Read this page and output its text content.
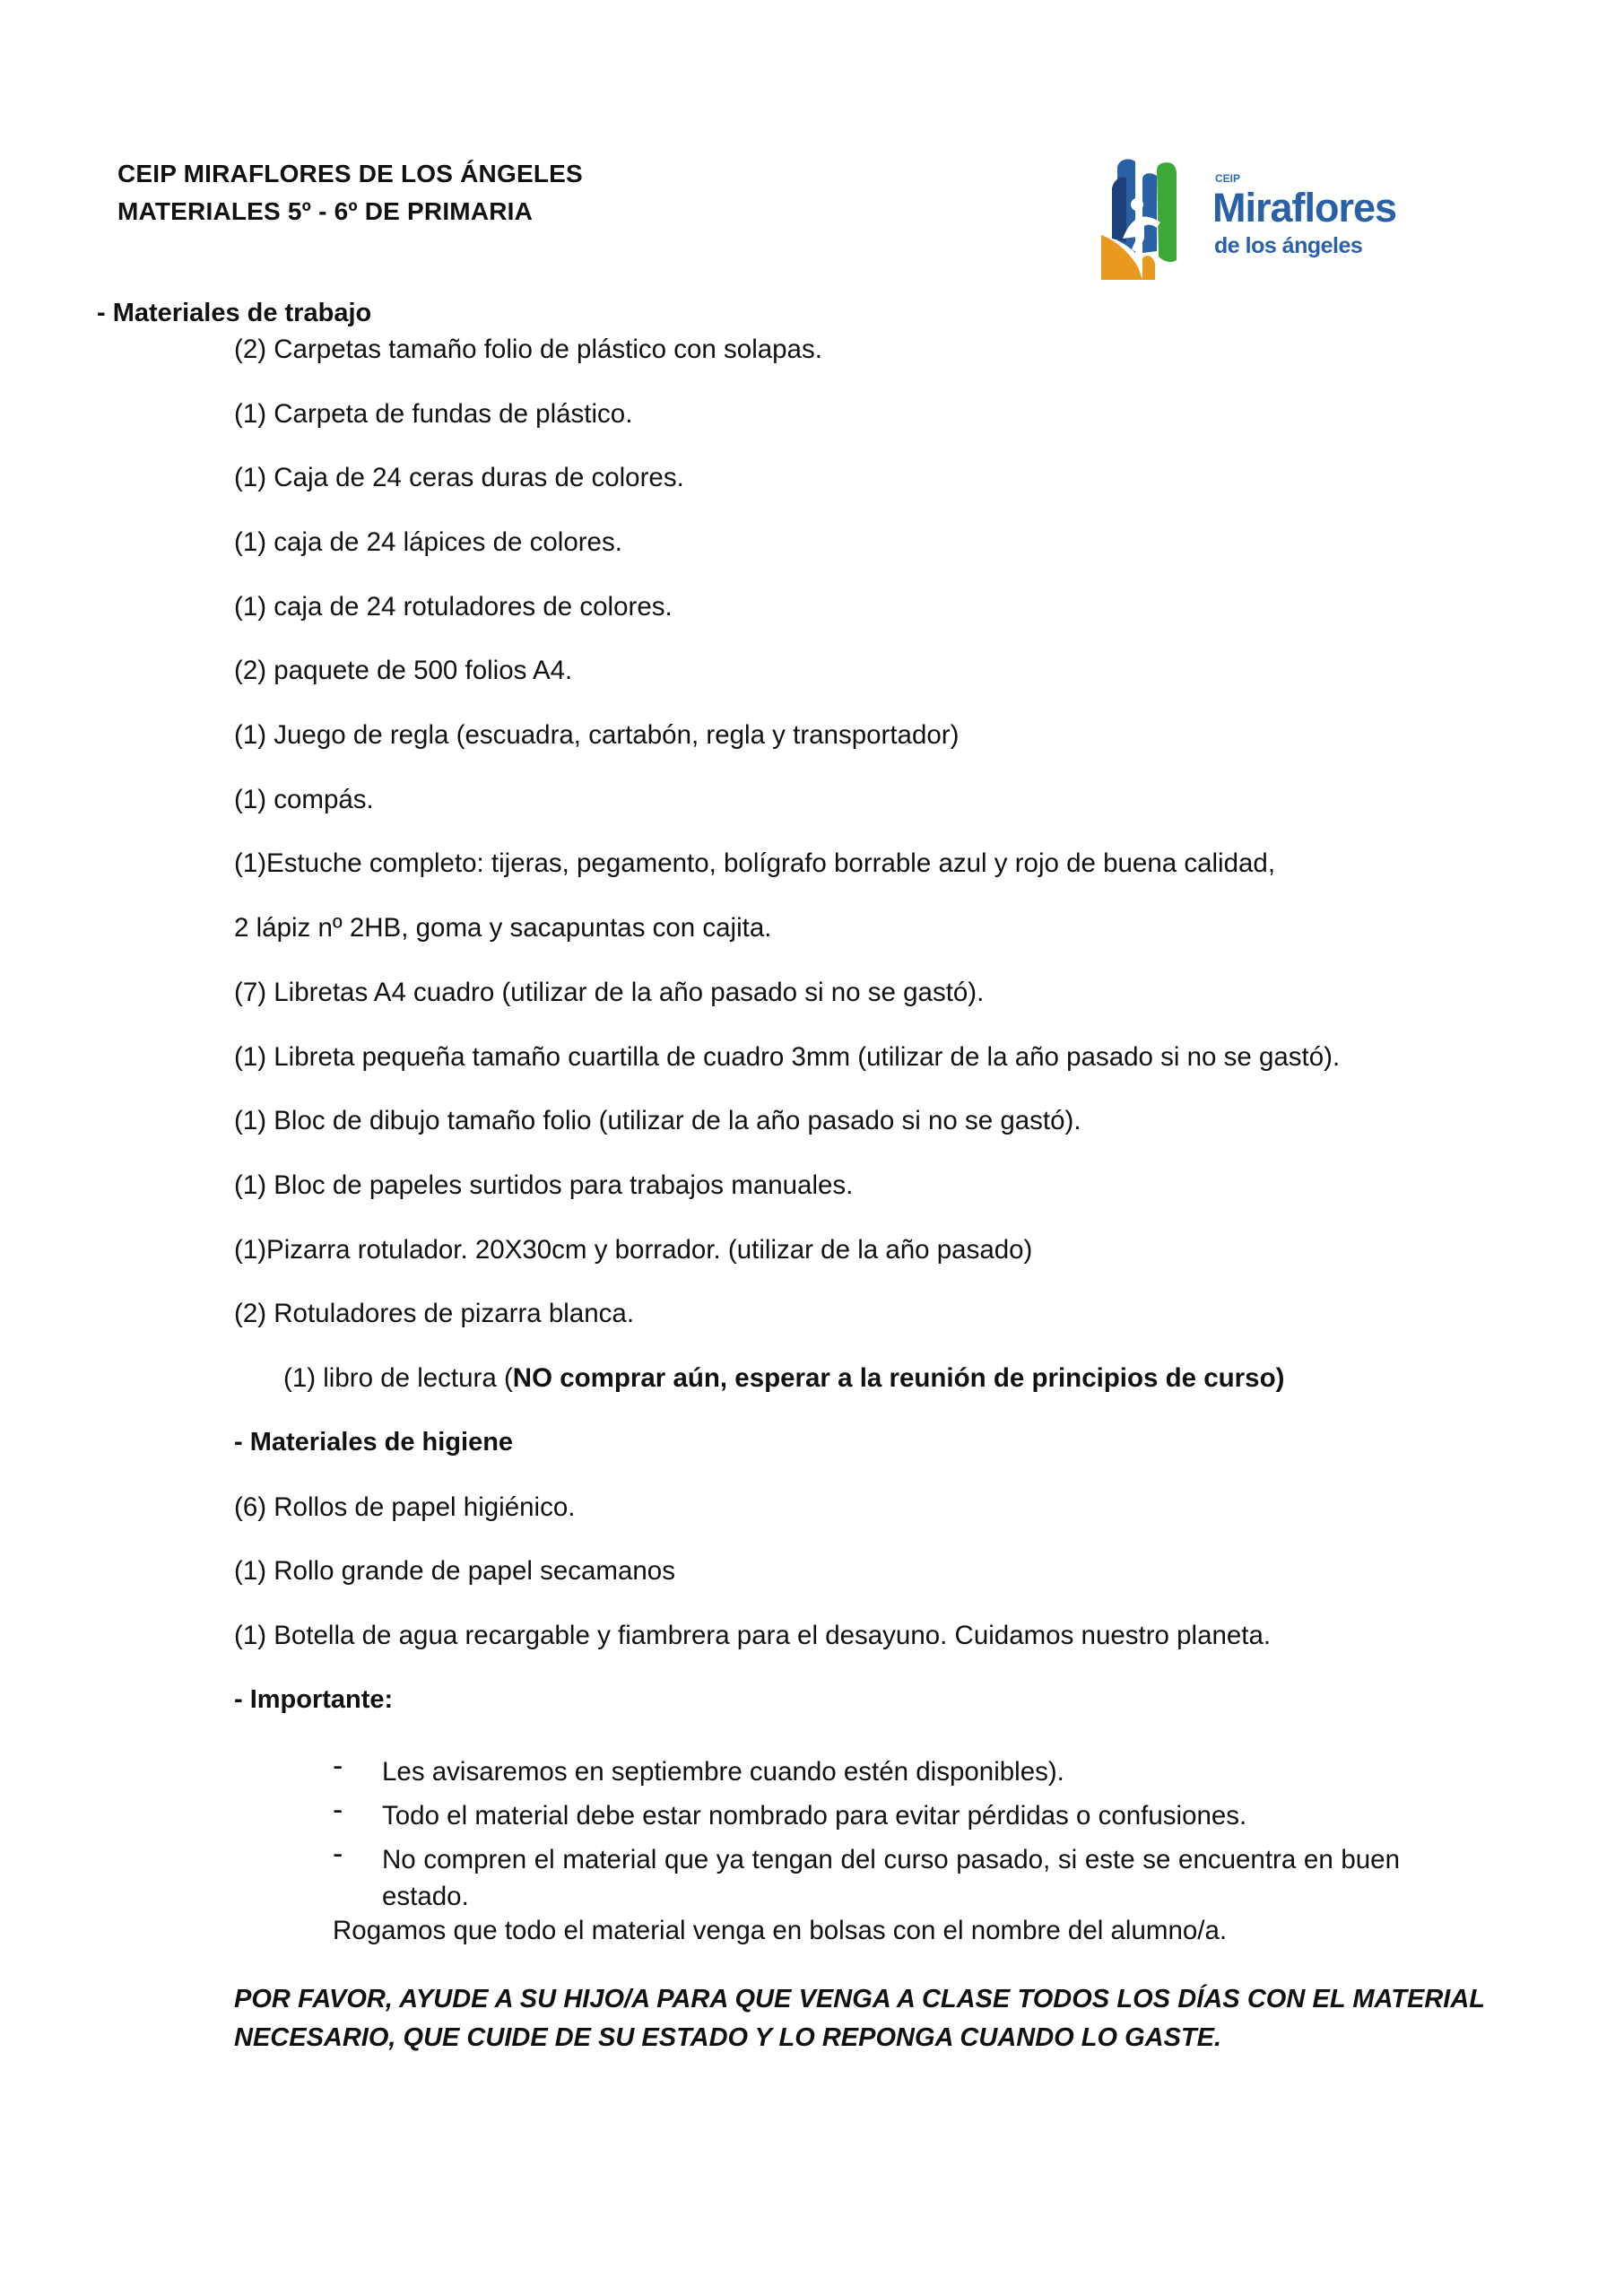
CEIP MIRAFLORES DE LOS ÁNGELES
MATERIALES 5º - 6º DE PRIMARIA
CEIP
Miraflores
de los ángeles
- Materiales de trabajo
(2) Carpetas tamaño folio de plástico con solapas.
(1) Carpeta de fundas de plástico.
(1) Caja de 24 ceras duras de colores.
(1) caja de 24 lápices de colores.
(1) caja de 24 rotuladores de colores.
(2) paquete de 500 folios A4.
(1) Juego de regla (escuadra, cartabón, regla y transportador)
(1) compás.
(1)Estuche completo: tijeras, pegamento, bolígrafo borrable azul y rojo de buena calidad,
2 lápiz nº 2HB, goma y sacapuntas con cajita.
(7) Libretas A4 cuadro (utilizar de la año pasado si no se gastó).
(1) Libreta pequeña tamaño cuartilla de cuadro 3mm (utilizar de la año pasado si no se gastó).
(1) Bloc de dibujo tamaño folio (utilizar de la año pasado si no se gastó).
(1) Bloc de papeles surtidos para trabajos manuales.
(1)Pizarra rotulador. 20X30cm y borrador. (utilizar de la año pasado)
(2) Rotuladores de pizarra blanca.
(1) libro de lectura (NO comprar aún, esperar a la reunión de principios de curso)
- Materiales de higiene
(6) Rollos de papel higiénico.
(1) Rollo grande de papel secamanos
(1) Botella de agua recargable y fiambrera para el desayuno. Cuidamos nuestro planeta.
- Importante:
- Les avisaremos en septiembre cuando estén disponibles).
- Todo el material debe estar nombrado para evitar pérdidas o confusiones.
- No compren el material que ya tengan del curso pasado, si este se encuentra en buen estado.
Rogamos que todo el material venga en bolsas con el nombre del alumno/a.
POR FAVOR, AYUDE A SU HIJO/A PARA QUE VENGA A CLASE TODOS LOS DÍAS CON EL MATERIAL NECESARIO, QUE CUIDE DE SU ESTADO Y LO REPONGA CUANDO LO GASTE.
